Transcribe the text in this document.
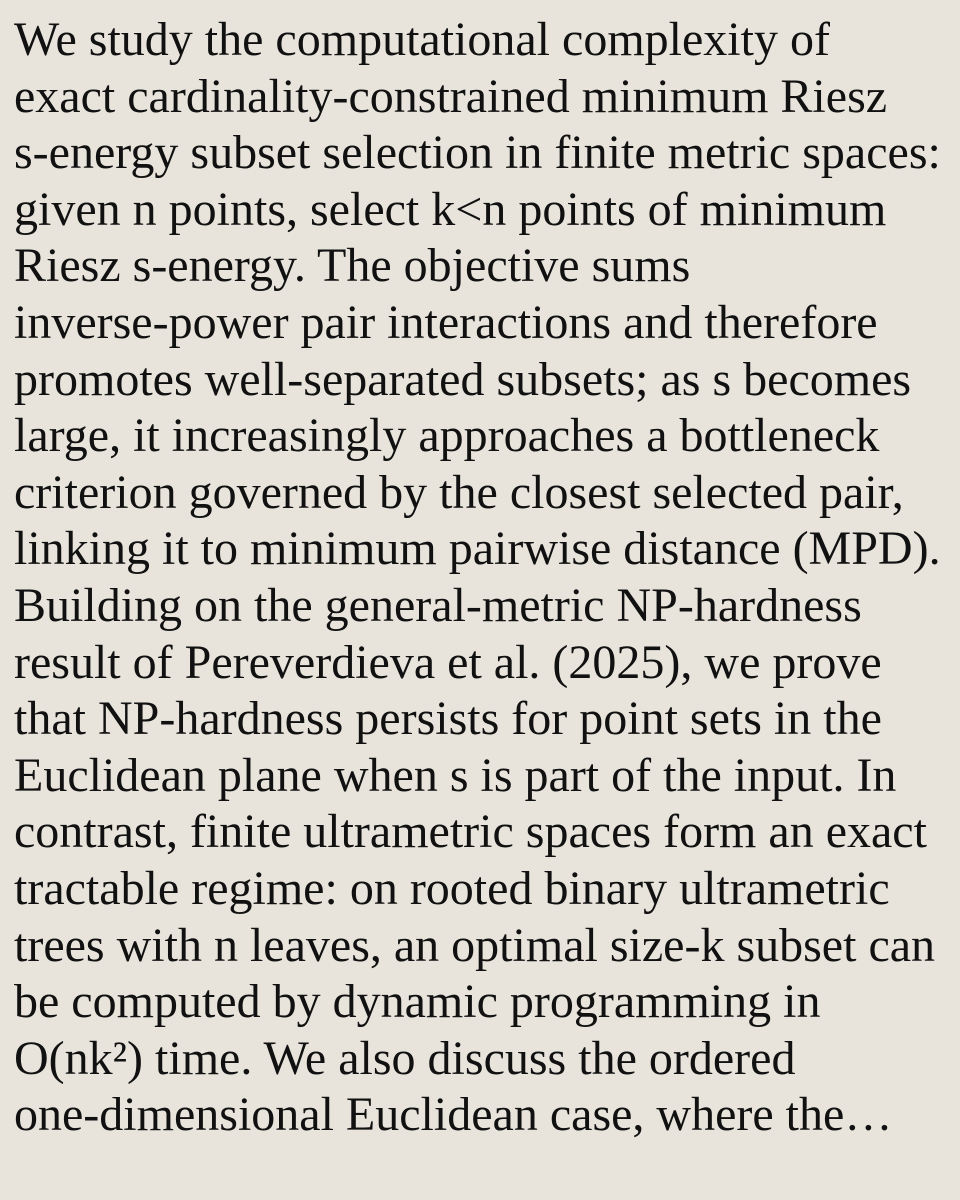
We study the computational complexity of
exact cardinality-constrained minimum Riesz
s-energy subset selection in finite metric spaces:
given n points, select k<n points of minimum
Riesz s-energy. The objective sums
inverse-power pair interactions and therefore
promotes well-separated subsets; as s becomes
large, it increasingly approaches a bottleneck
criterion governed by the closest selected pair,
linking it to minimum pairwise distance (MPD).
Building on the general-metric NP-hardness
result of Pereverdieva et al. (2025), we prove
that NP-hardness persists for point sets in the
Euclidean plane when s is part of the input. In
contrast, finite ultrametric spaces form an exact
tractable regime: on rooted binary ultrametric
trees with n leaves, an optimal size-k subset can
be computed by dynamic programming in
O(nk²) time. We also discuss the ordered
one-dimensional Euclidean case, where the…
